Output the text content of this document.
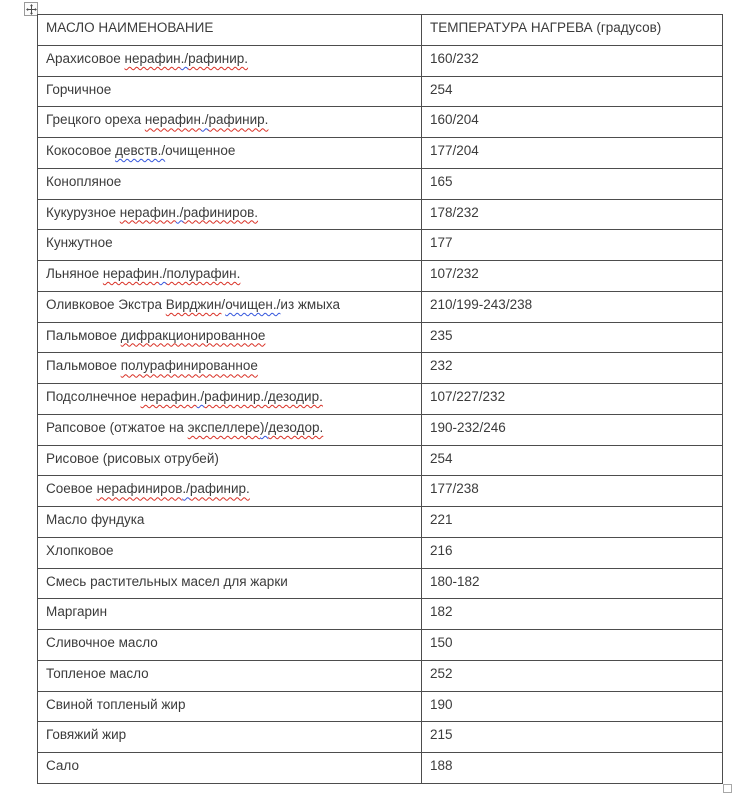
МАСЛО НАИМЕНОВАНИЕ	ТЕМПЕРАТУРА НАГРЕВА (градусов)
Арахисовое нерафин./рафинир.	160/232
Горчичное	254
Грецкого ореха нерафин./рафинир.	160/204
Кокосовое девств./очищенное	177/204
Конопляное	165
Кукурузное нерафин./рафиниров.	178/232
Кунжутное	177
Льняное нерафин./полурафин.	107/232
Оливковое Экстра Вирджин/очищен./из жмыха	210/199-243/238
Пальмовое дифракционированное	235
Пальмовое полурафинированное	232
Подсолнечное нерафин./рафинир./дезодир.	107/227/232
Рапсовое (отжатое на экспеллере)/дезодор.	190-232/246
Рисовое (рисовых отрубей)	254
Соевое нерафиниров./рафинир.	177/238
Масло фундука	221
Хлопковое	216
Смесь растительных масел для жарки	180-182
Маргарин	182
Сливочное масло	150
Топленое масло	252
Свиной топленый жир	190
Говяжий жир	215
Сало	188
